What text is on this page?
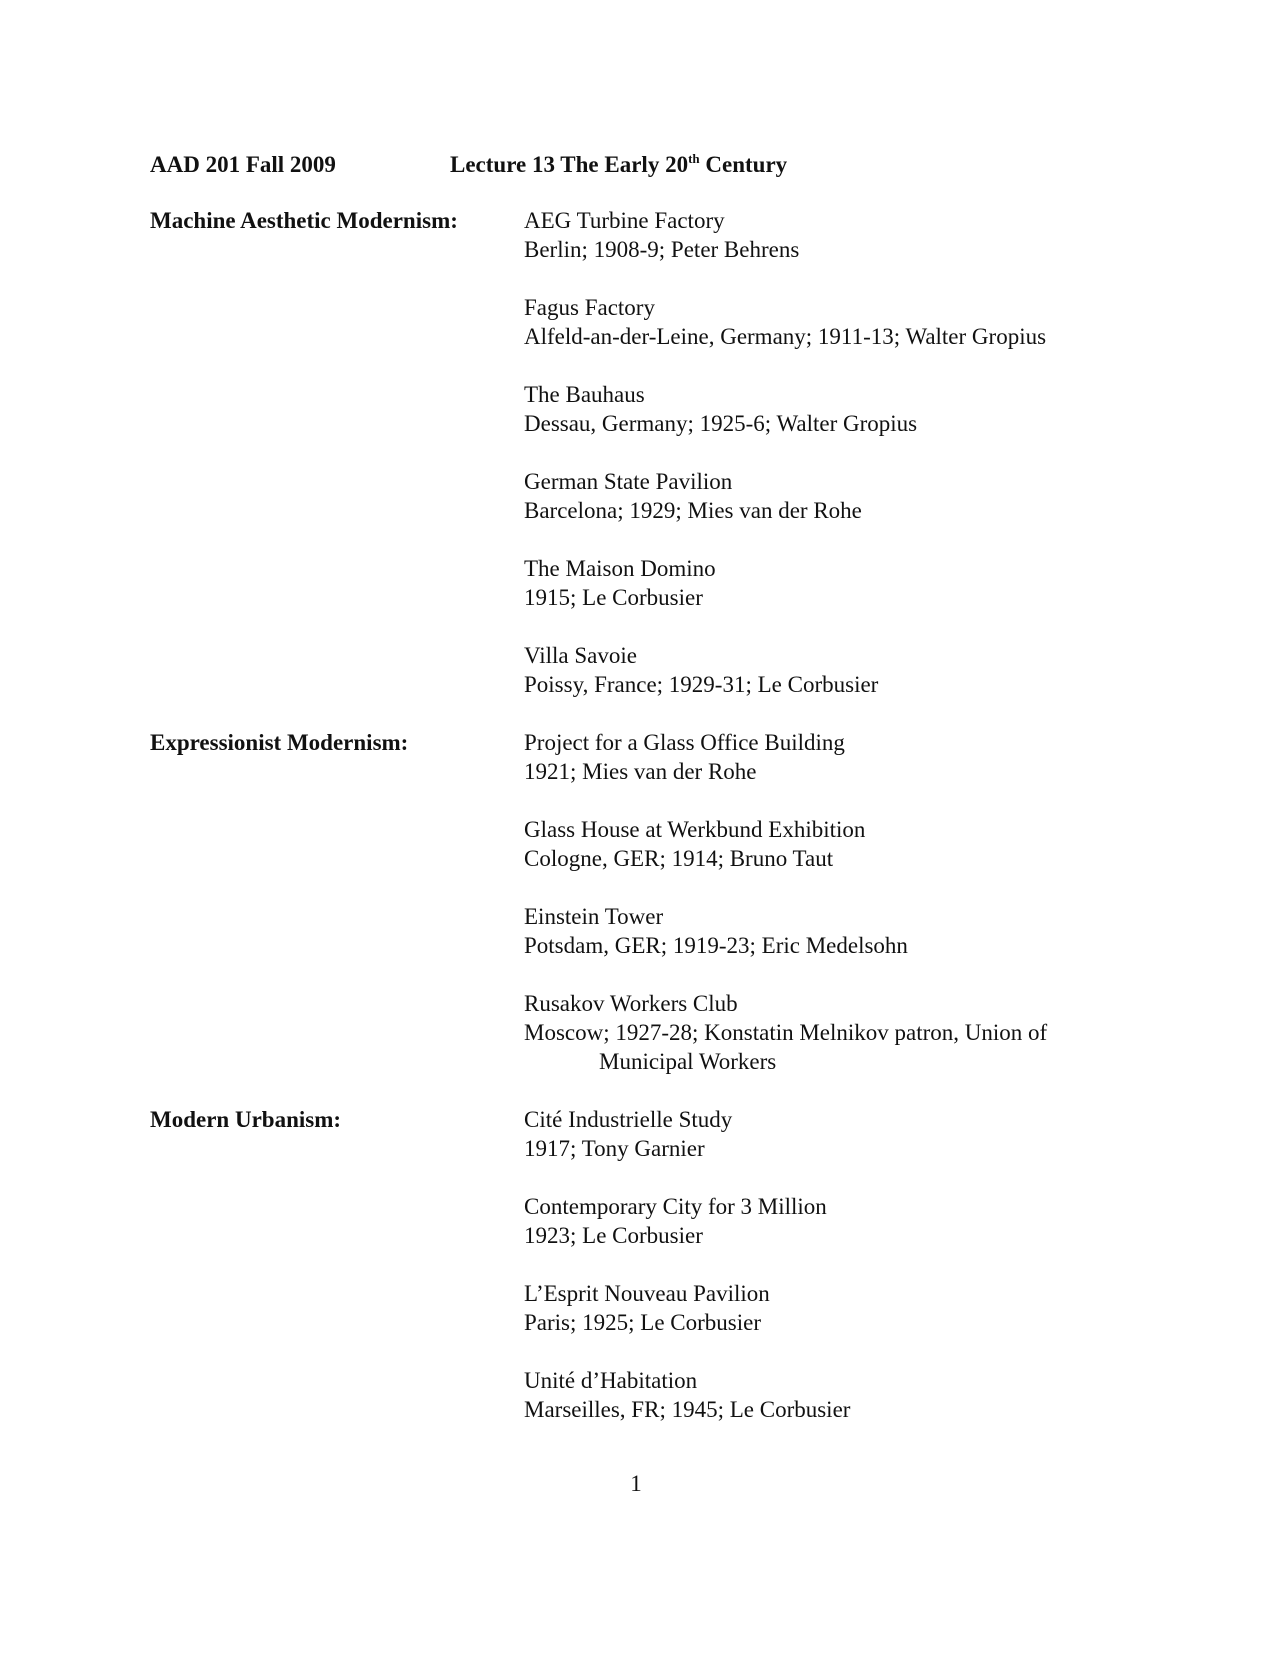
AAD 201 Fall 2009	Lecture 13 The Early 20th Century
Machine Aesthetic Modernism:	AEG Turbine Factory
Berlin; 1908-9; Peter Behrens
Fagus Factory
Alfeld-an-der-Leine, Germany; 1911-13; Walter Gropius
The Bauhaus
Dessau, Germany; 1925-6; Walter Gropius
German State Pavilion
Barcelona; 1929; Mies van der Rohe
The Maison Domino
1915; Le Corbusier
Villa Savoie
Poissy, France; 1929-31; Le Corbusier
Expressionist Modernism:	Project for a Glass Office Building
1921; Mies van der Rohe
Glass House at Werkbund Exhibition
Cologne, GER; 1914; Bruno Taut
Einstein Tower
Potsdam, GER; 1919-23; Eric Medelsohn
Rusakov Workers Club
Moscow; 1927-28; Konstatin Melnikov patron, Union of
Municipal Workers
Modern Urbanism:	Cité Industrielle Study
1917; Tony Garnier
Contemporary City for 3 Million
1923; Le Corbusier
L’Esprit Nouveau Pavilion
Paris; 1925; Le Corbusier
Unité d’Habitation
Marseilles, FR; 1945; Le Corbusier
1
